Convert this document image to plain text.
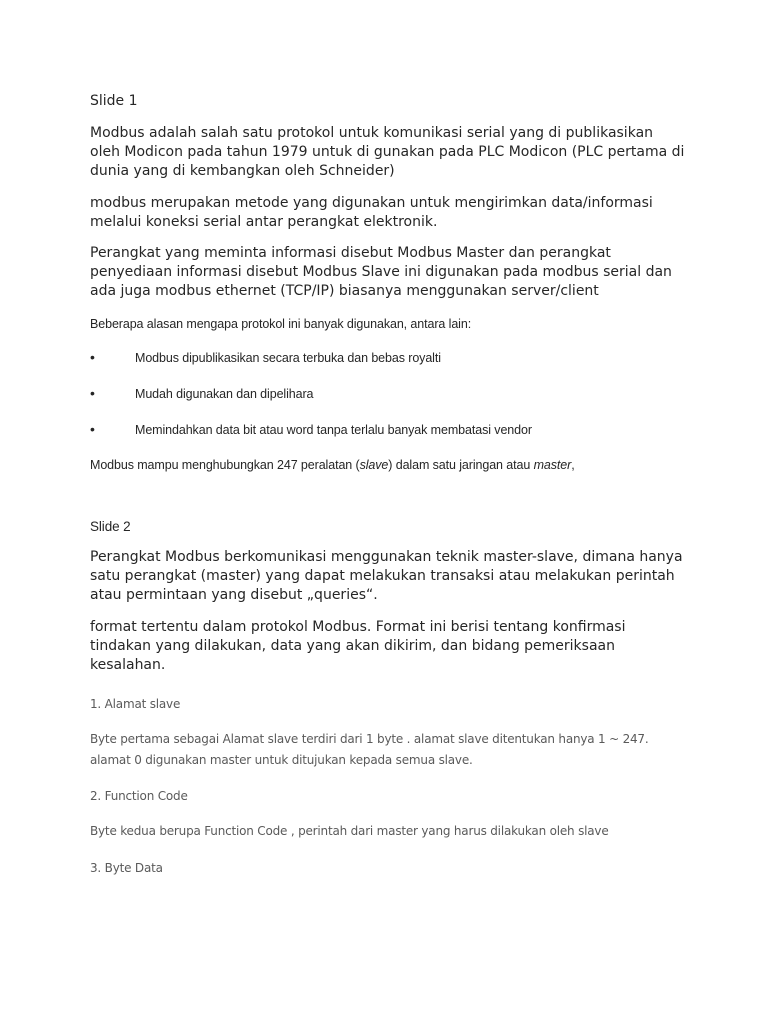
Slide 1

Modbus adalah salah satu protokol untuk komunikasi serial yang di publikasikan
oleh Modicon pada tahun 1979 untuk di gunakan pada PLC Modicon (PLC pertama di
dunia yang di kembangkan oleh Schneider)

modbus merupakan metode yang digunakan untuk mengirimkan data/informasi
melalui koneksi serial antar perangkat elektronik.

Perangkat yang meminta informasi disebut Modbus Master dan perangkat
penyediaan informasi disebut Modbus Slave ini digunakan pada modbus serial dan
ada juga modbus ethernet (TCP/IP) biasanya menggunakan server/client

Beberapa alasan mengapa protokol ini banyak digunakan, antara lain:

•	Modbus dipublikasikan secara terbuka dan bebas royalti
•	Mudah digunakan dan dipelihara
•	Memindahkan data bit atau word tanpa terlalu banyak membatasi vendor

Modbus mampu menghubungkan 247 peralatan (slave) dalam satu jaringan atau master,

Slide 2

Perangkat Modbus berkomunikasi menggunakan teknik master-slave, dimana hanya
satu perangkat (master) yang dapat melakukan transaksi atau melakukan perintah
atau permintaan yang disebut „queries“.

format tertentu dalam protokol Modbus. Format ini berisi tentang konfirmasi
tindakan yang dilakukan, data yang akan dikirim, dan bidang pemeriksaan
kesalahan.

1. Alamat slave

Byte pertama sebagai Alamat slave terdiri dari 1 byte . alamat slave ditentukan hanya 1 ~ 247.
alamat 0 digunakan master untuk ditujukan kepada semua slave.

2. Function Code

Byte kedua berupa Function Code , perintah dari master yang harus dilakukan oleh slave

3. Byte Data
